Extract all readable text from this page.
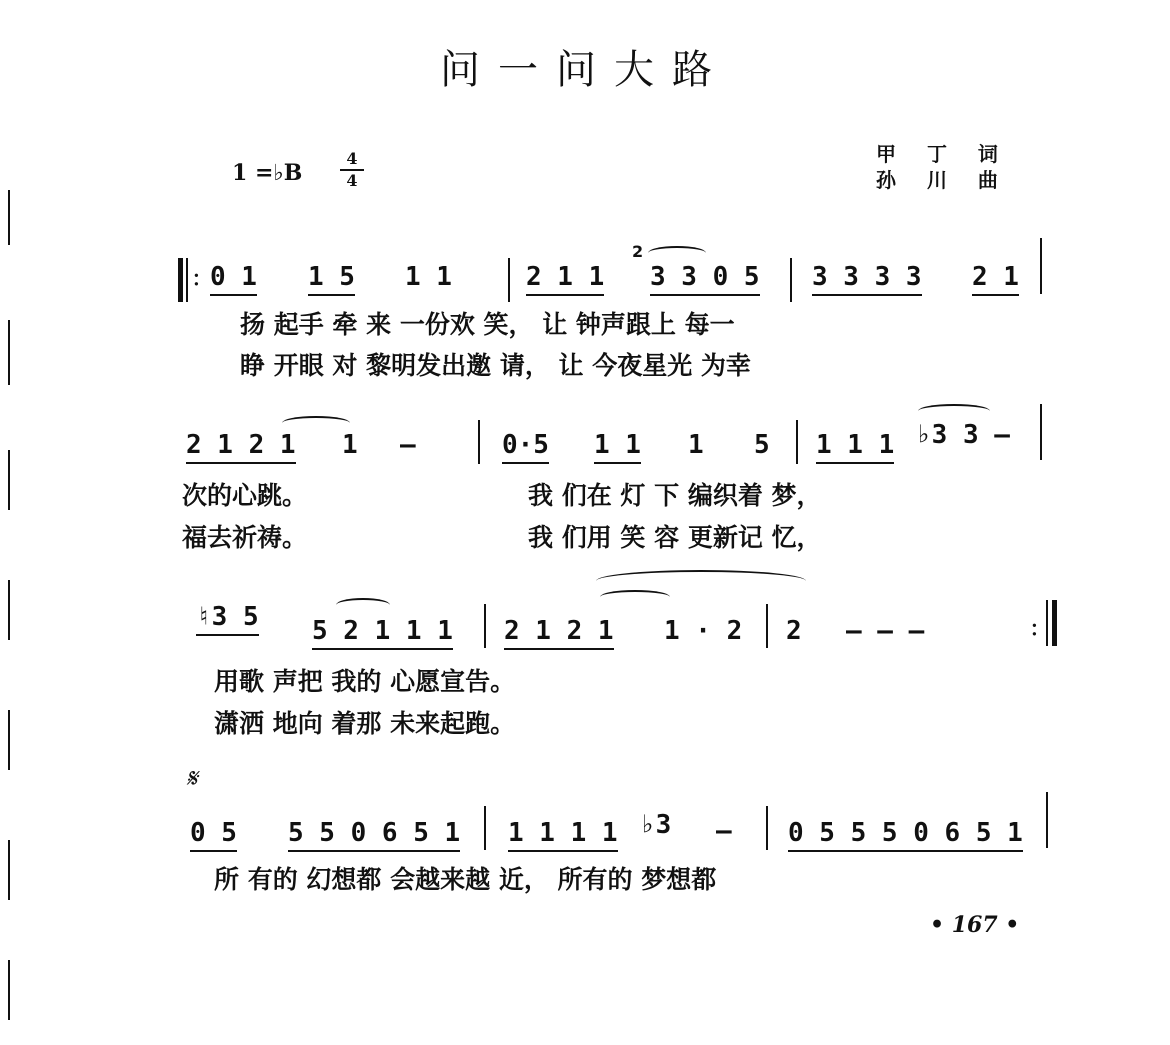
问一问大路
1 =♭B
4
4
甲 丁 词
孙 川 曲
: 0 1 1 5 1 1	2 1 1
2
3 3 0 5 3 3 3 3 2 1
扬 起手 牵 来 一份欢 笑， 让 钟声跟上 每一
睁 开眼 对 黎明发出邀 请， 让 今夜星光 为幸
2 1 2 1 1 —	0·5 1 1 1 5 1 1 1 ♭3 3 —
次的心跳。
福去祈祷。
我 们在 灯 下 编织着 梦，
我 们用 笑 容 更新记 忆，
♮3 5 5 2 1 1 1 2 1 2 1 1 · 2 2 — — —	:
用歌 声把 我的 心愿宣告。
潇洒 地向 着那 未来起跑。
𝄋
0 5 5 5 0 6 5 1 1 1 1 1 ♭3 — 0 5 5 5 0 6 5 1
所 有的 幻想都 会越来越 近， 所有的 梦想都
• 167 •
